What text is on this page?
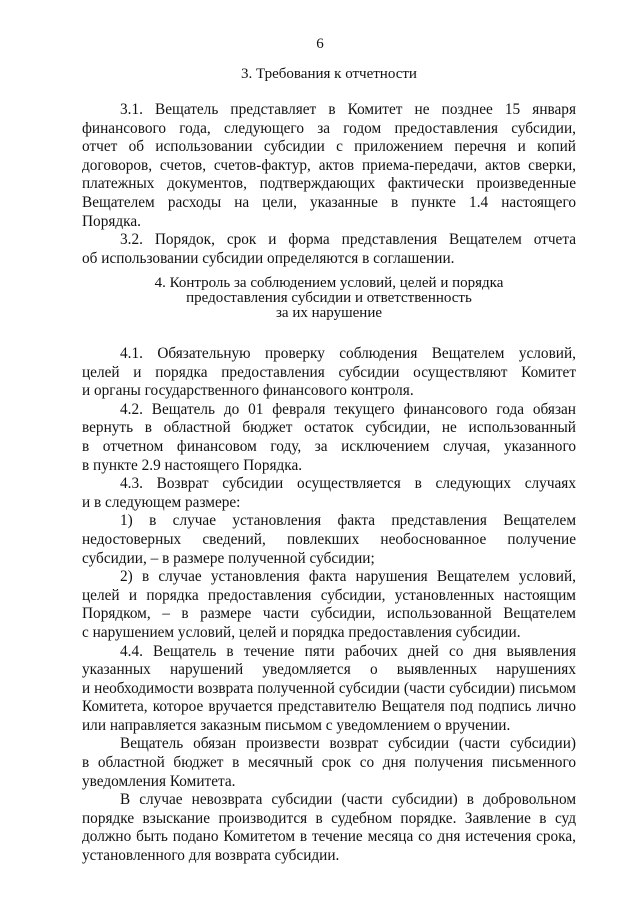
6
3. Требования к отчетности

3.1. Вещатель представляет в Комитет не позднее 15 января
финансового года, следующего за годом предоставления субсидии,
отчет об использовании субсидии с приложением перечня и копий
договоров, счетов, счетов-фактур, актов приема-передачи, актов сверки,
платежных документов, подтверждающих фактически произведенные
Вещателем расходы на цели, указанные в пункте 1.4 настоящего
Порядка.

3.2. Порядок, срок и форма представления Вещателем отчета
об использовании субсидии определяются в соглашении.

4. Контроль за соблюдением условий, целей и порядка
предоставления субсидии и ответственность
за их нарушение

4.1. Обязательную проверку соблюдения Вещателем условий,
целей и порядка предоставления субсидии осуществляют Комитет
и органы государственного финансового контроля.

4.2. Вещатель до 01 февраля текущего финансового года обязан
вернуть в областной бюджет остаток субсидии, не использованный
в отчетном финансовом году, за исключением случая, указанного
в пункте 2.9 настоящего Порядка.

4.3. Возврат субсидии осуществляется в следующих случаях
и в следующем размере:

1) в случае установления факта представления Вещателем
недостоверных сведений, повлекших необоснованное получение
субсидии, – в размере полученной субсидии;

2) в случае установления факта нарушения Вещателем условий,
целей и порядка предоставления субсидии, установленных настоящим
Порядком, – в размере части субсидии, использованной Вещателем
с нарушением условий, целей и порядка предоставления субсидии.

4.4. Вещатель в течение пяти рабочих дней со дня выявления
указанных нарушений уведомляется о выявленных нарушениях
и необходимости возврата полученной субсидии (части субсидии) письмом
Комитета, которое вручается представителю Вещателя под подпись лично
или направляется заказным письмом с уведомлением о вручении.

Вещатель обязан произвести возврат субсидии (части субсидии)
в областной бюджет в месячный срок со дня получения письменного
уведомления Комитета.

В случае невозврата субсидии (части субсидии) в добровольном
порядке взыскание производится в судебном порядке. Заявление в суд
должно быть подано Комитетом в течение месяца со дня истечения срока,
установленного для возврата субсидии.
